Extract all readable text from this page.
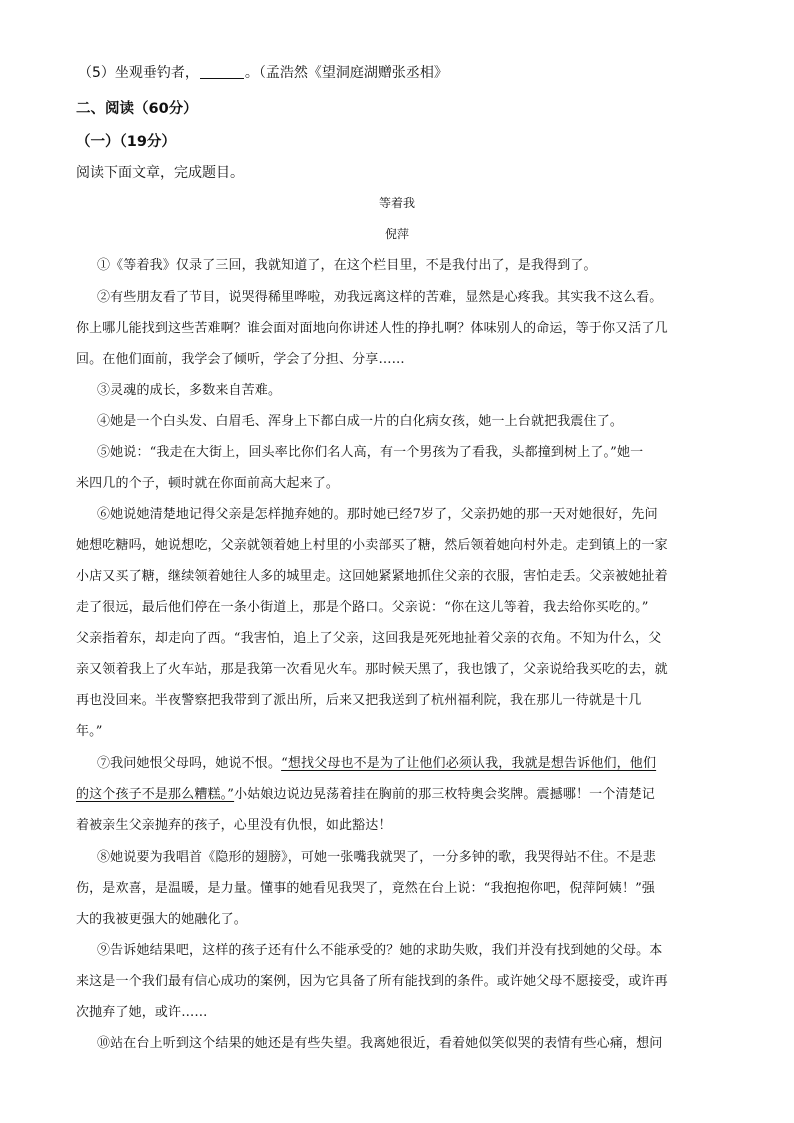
（5）坐观垂钓者，	。（孟浩然《望洞庭湖赠张丞相》
二、阅读（60分）
（一）（19分）
阅读下面文章，完成题目。
等着我
倪萍
①《等着我》仅录了三回，我就知道了，在这个栏目里，不是我付出了，是我得到了。
②有些朋友看了节目，说哭得稀里哗啦，劝我远离这样的苦难，显然是心疼我。其实我不这么看。
你上哪儿能找到这些苦难啊？谁会面对面地向你讲述人性的挣扎啊？体味别人的命运，等于你又活了几
回。在他们面前，我学会了倾听，学会了分担、分享……
③灵魂的成长，多数来自苦难。
④她是一个白头发、白眉毛、浑身上下都白成一片的白化病女孩，她一上台就把我震住了。
⑤她说：“我走在大街上，回头率比你们名人高，有一个男孩为了看我，头都撞到树上了。”她一
米四几的个子，顿时就在你面前高大起来了。
⑥她说她清楚地记得父亲是怎样抛弃她的。那时她已经7岁了，父亲扔她的那一天对她很好，先问
她想吃糖吗，她说想吃，父亲就领着她上村里的小卖部买了糖，然后领着她向村外走。走到镇上的一家
小店又买了糖，继续领着她往人多的城里走。这回她紧紧地抓住父亲的衣服，害怕走丢。父亲被她扯着
走了很远，最后他们停在一条小街道上，那是个路口。父亲说：“你在这儿等着，我去给你买吃的。”
父亲指着东，却走向了西。“我害怕，追上了父亲，这回我是死死地扯着父亲的衣角。不知为什么，父
亲又领着我上了火车站，那是我第一次看见火车。那时候天黑了，我也饿了，父亲说给我买吃的去，就
再也没回来。半夜警察把我带到了派出所，后来又把我送到了杭州福利院，我在那儿一待就是十几
年。”
⑦我问她恨父母吗，她说不恨。“想找父母也不是为了让他们必须认我，我就是想告诉他们，他们
的这个孩子不是那么糟糕。”小姑娘边说边晃荡着挂在胸前的那三枚特奥会奖牌。震撼哪！一个清楚记
着被亲生父亲抛弃的孩子，心里没有仇恨，如此豁达！
⑧她说要为我唱首《隐形的翅膀》，可她一张嘴我就哭了，一分多钟的歌，我哭得站不住。不是悲
伤，是欢喜，是温暖，是力量。懂事的她看见我哭了，竟然在台上说：“我抱抱你吧，倪萍阿姨！”强
大的我被更强大的她融化了。
⑨告诉她结果吧，这样的孩子还有什么不能承受的？她的求助失败，我们并没有找到她的父母。本
来这是一个我们最有信心成功的案例，因为它具备了所有能找到的条件。或许她父母不愿接受，或许再
次抛弃了她，或许……
⑩站在台上听到这个结果的她还是有些失望。我离她很近，看着她似笑似哭的表情有些心痛，想问
